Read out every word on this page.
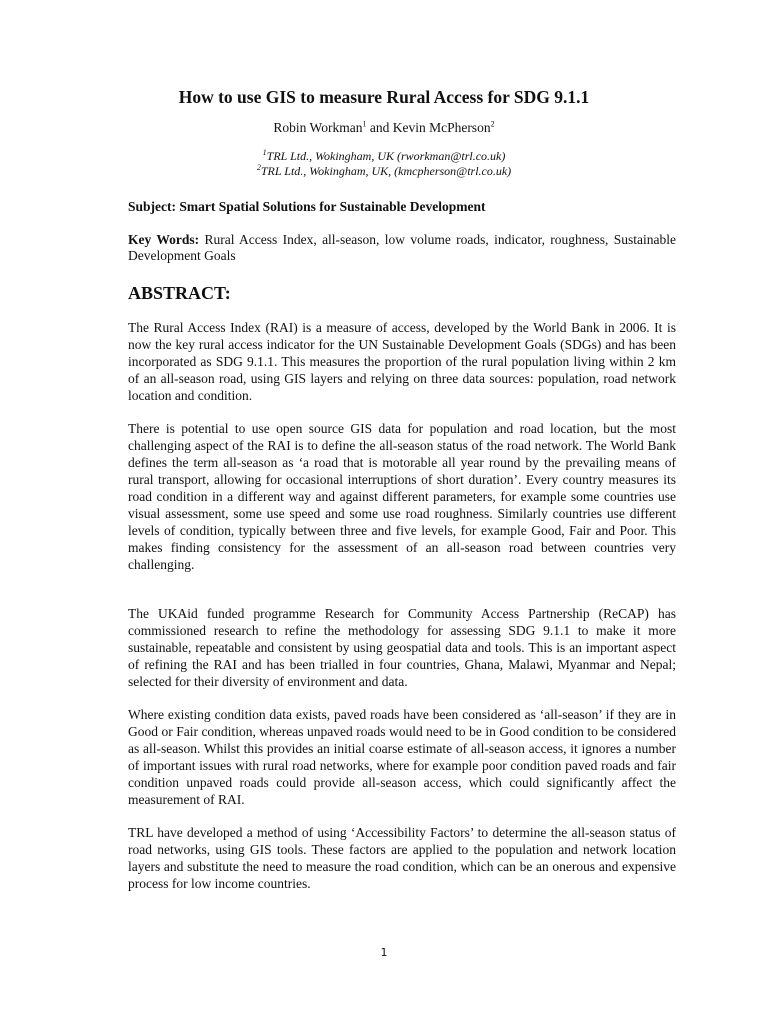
How to use GIS to measure Rural Access for SDG 9.1.1
Robin Workman$^1$ and Kevin McPherson$^2$
$^1$TRL Ltd., Wokingham, UK (rworkman@trl.co.uk)
$^2$TRL Ltd., Wokingham, UK, (kmcpherson@trl.co.uk)
Subject: Smart Spatial Solutions for Sustainable Development
Key Words: Rural Access Index, all-season, low volume roads, indicator, roughness, Sustainable Development Goals
ABSTRACT:

The Rural Access Index (RAI) is a measure of access, developed by the World Bank in 2006. It is now the key rural access indicator for the UN Sustainable Development Goals (SDGs) and has been incorporated as SDG 9.1.1. This measures the proportion of the rural population living within 2 km of an all-season road, using GIS layers and relying on three data sources: population, road network location and condition.

There is potential to use open source GIS data for population and road location, but the most challenging aspect of the RAI is to define the all-season status of the road network. The World Bank defines the term all-season as ‘a road that is motorable all year round by the prevailing means of rural transport, allowing for occasional interruptions of short duration’. Every country measures its road condition in a different way and against different parameters, for example some countries use visual assessment, some use speed and some use road roughness. Similarly countries use different levels of condition, typically between three and five levels, for example Good, Fair and Poor. This makes finding consistency for the assessment of an all-season road between countries very challenging.

The UKAid funded programme Research for Community Access Partnership (ReCAP) has commissioned research to refine the methodology for assessing SDG 9.1.1 to make it more sustainable, repeatable and consistent by using geospatial data and tools. This is an important aspect of refining the RAI and has been trialled in four countries, Ghana, Malawi, Myanmar and Nepal; selected for their diversity of environment and data.

Where existing condition data exists, paved roads have been considered as ‘all-season’ if they are in Good or Fair condition, whereas unpaved roads would need to be in Good condition to be considered as all-season. Whilst this provides an initial coarse estimate of all-season access, it ignores a number of important issues with rural road networks, where for example poor condition paved roads and fair condition unpaved roads could provide all-season access, which could significantly affect the measurement of RAI.

TRL have developed a method of using ‘Accessibility Factors’ to determine the all-season status of road networks, using GIS tools. These factors are applied to the population and network location layers and substitute the need to measure the road condition, which can be an onerous and expensive process for low income countries.

1
